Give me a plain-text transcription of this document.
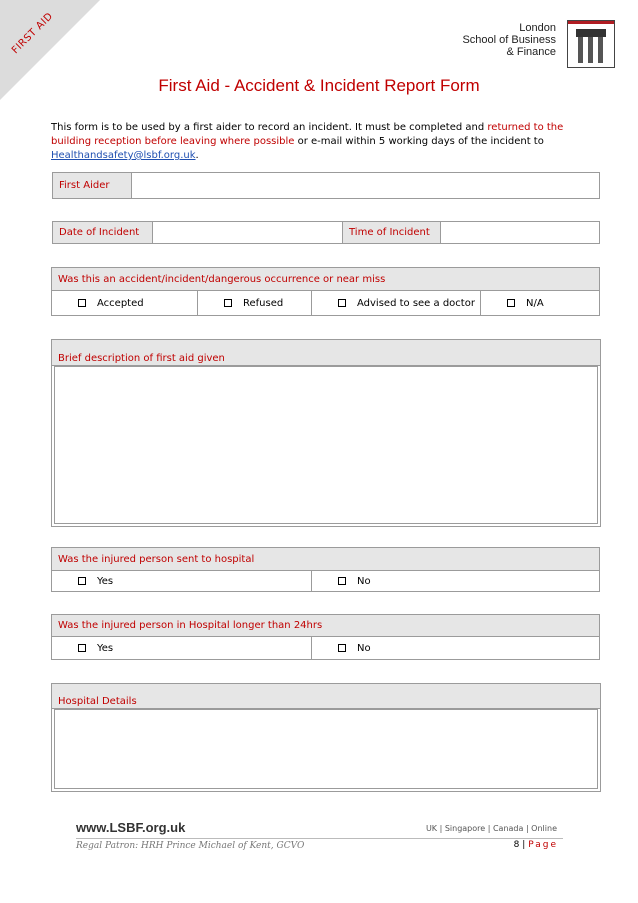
FIRST AID	London
School of Business
& Finance
First Aid - Accident & Incident Report Form
This form is to be used by a first aider to record an incident. It must be completed and returned to the building reception before leaving where possible or e-mail within 5 working days of the incident to Healthandsafety@lsbf.org.uk.
First Aider	
Date of Incident		Time of Incident	
Was this an accident/incident/dangerous occurrence or near miss
Accepted	Refused	Advised to see a doctor	N/A
Brief description of first aid given
Was the injured person sent to hospital
Yes	No
Was the injured person in Hospital longer than 24hrs
Yes	No
Hospital Details
www.LSBF.org.uk	UK | Singapore | Canada | Online
Regal Patron: HRH Prince Michael of Kent, GCVO	8 | Page
